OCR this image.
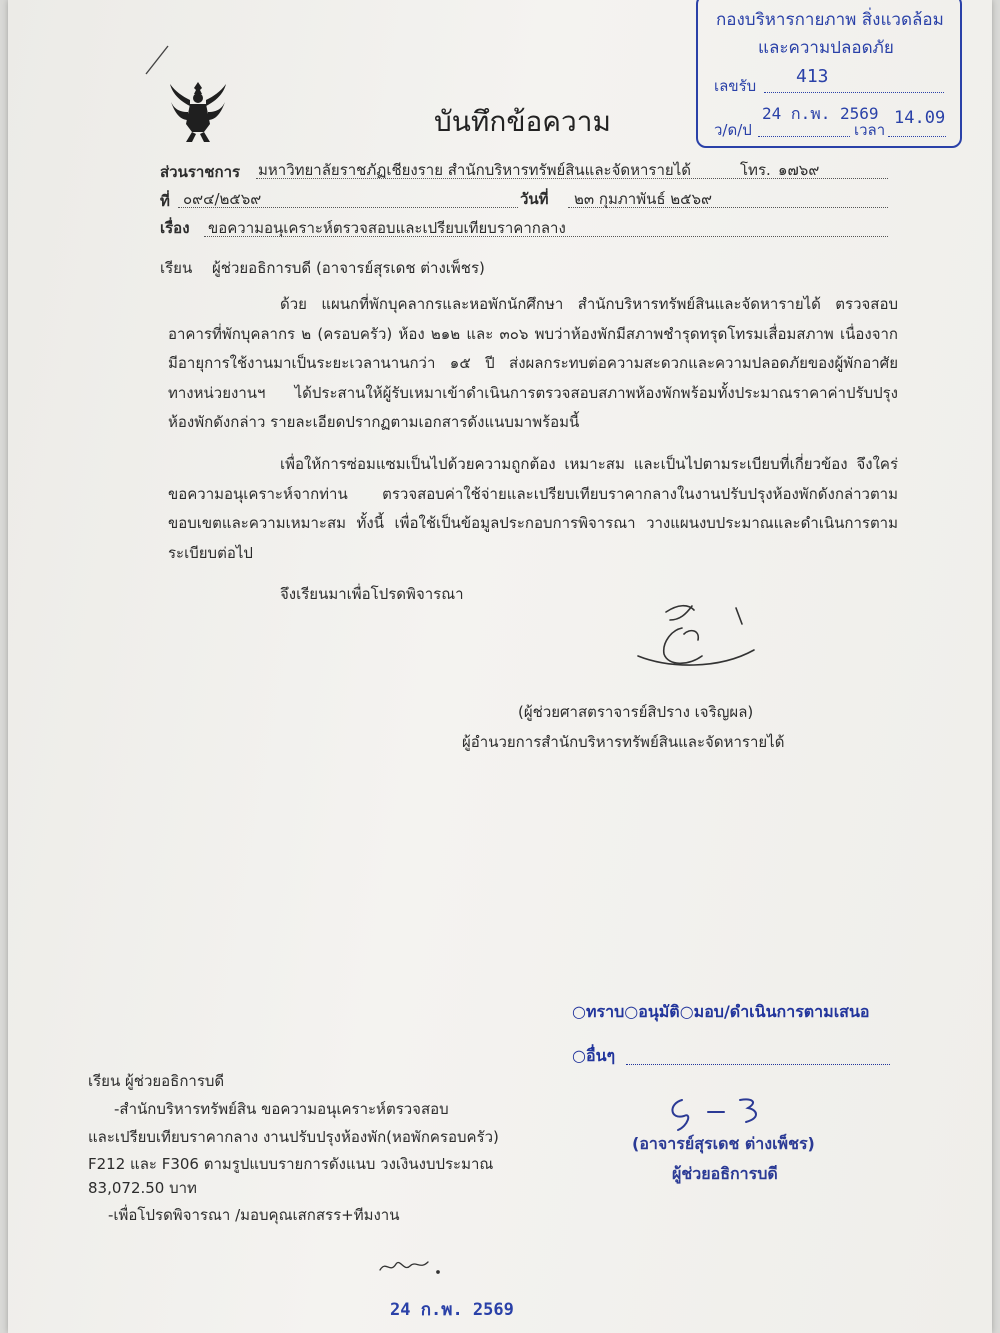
กองบริหารกายภาพ สิ่งแวดล้อม
และความปลอดภัย
เลขรับ 413
ว/ด/ป
24 ก.พ. 2569
เวลา
14.09
บันทึกข้อความ
ส่วนราชการ มหาวิทยาลัยราชภัฏเชียงราย สำนักบริหารทรัพย์สินและจัดหารายได้	โทร. ๑๗๖๙
ที่ ๐๙๔/๒๕๖๙	วันที่ ๒๓ กุมภาพันธ์ ๒๕๖๙
เรื่อง ขอความอนุเคราะห์ตรวจสอบและเปรียบเทียบราคากลาง
เรียน ผู้ช่วยอธิการบดี (อาจารย์สุรเดช ต่างเพ็ชร)
ด้วย แผนกที่พักบุคลากรและหอพักนักศึกษา สำนักบริหารทรัพย์สินและจัดหารายได้ ตรวจสอบอาคารที่พักบุคลากร ๒ (ครอบครัว) ห้อง ๒๑๒ และ ๓๐๖ พบว่าห้องพักมีสภาพชำรุดทรุดโทรมเสื่อมสภาพ เนื่องจากมีอายุการใช้งานมาเป็นระยะเวลานานกว่า ๑๕ ปี ส่งผลกระทบต่อความสะดวกและความปลอดภัยของผู้พักอาศัย ทางหน่วยงานฯ ได้ประสานให้ผู้รับเหมาเข้าดำเนินการตรวจสอบสภาพห้องพักพร้อมทั้งประมาณราคาค่าปรับปรุงห้องพักดังกล่าว รายละเอียดปรากฏตามเอกสารดังแนบมาพร้อมนี้
เพื่อให้การซ่อมแซมเป็นไปด้วยความถูกต้อง เหมาะสม และเป็นไปตามระเบียบที่เกี่ยวข้อง จึงใคร่ขอความอนุเคราะห์จากท่าน ตรวจสอบค่าใช้จ่ายและเปรียบเทียบราคากลางในงานปรับปรุงห้องพักดังกล่าวตามขอบเขตและความเหมาะสม ทั้งนี้ เพื่อใช้เป็นข้อมูลประกอบการพิจารณา วางแผนงบประมาณและดำเนินการตามระเบียบต่อไป
จึงเรียนมาเพื่อโปรดพิจารณา
(ผู้ช่วยศาสตราจารย์สิปราง เจริญผล)
ผู้อำนวยการสำนักบริหารทรัพย์สินและจัดหารายได้
○ทราบ○อนุมัติ○มอบ/ดำเนินการตามเสนอ
○อื่นๆ
(อาจารย์สุรเดช ต่างเพ็ชร)
ผู้ช่วยอธิการบดี
เรียน ผู้ช่วยอธิการบดี
-สำนักบริหารทรัพย์สิน ขอความอนุเคราะห์ตรวจสอบ
และเปรียบเทียบราคากลาง งานปรับปรุงห้องพัก(หอพักครอบครัว)
F212 และ F306 ตามรูปแบบรายการดังแนบ วงเงินงบประมาณ
83,072.50 บาท
-เพื่อโปรดพิจารณา /มอบคุณเสกสรร+ทีมงาน
24 ก.พ. 2569
